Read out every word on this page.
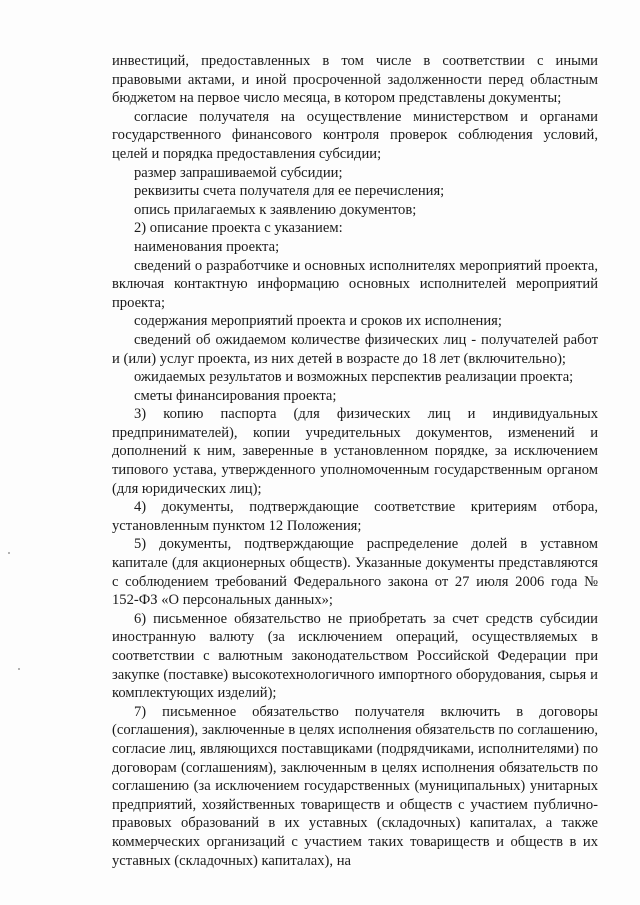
инвестиций, предоставленных в том числе в соответствии с иными правовыми актами, и иной просроченной задолженности перед областным бюджетом на первое число месяца, в котором представлены документы;

согласие получателя на осуществление министерством и органами государственного финансового контроля проверок соблюдения условий, целей и порядка предоставления субсидии;

размер запрашиваемой субсидии;

реквизиты счета получателя для ее перечисления;

опись прилагаемых к заявлению документов;

2) описание проекта с указанием:

наименования проекта;

сведений о разработчике и основных исполнителях мероприятий проекта, включая контактную информацию основных исполнителей мероприятий проекта;

содержания мероприятий проекта и сроков их исполнения;

сведений об ожидаемом количестве физических лиц - получателей работ и (или) услуг проекта, из них детей в возрасте до 18 лет (включительно);

ожидаемых результатов и возможных перспектив реализации проекта;

сметы финансирования проекта;

3) копию паспорта (для физических лиц и индивидуальных предпринимателей), копии учредительных документов, изменений и дополнений к ним, заверенные в установленном порядке, за исключением типового устава, утвержденного уполномоченным государственным органом (для юридических лиц);

4) документы, подтверждающие соответствие критериям отбора, установленным пунктом 12 Положения;

5) документы, подтверждающие распределение долей в уставном капитале (для акционерных обществ). Указанные документы представляются с соблюдением требований Федерального закона от 27 июля 2006 года № 152-ФЗ «О персональных данных»;

6) письменное обязательство не приобретать за счет средств субсидии иностранную валюту (за исключением операций, осуществляемых в соответствии с валютным законодательством Российской Федерации при закупке (поставке) высокотехнологичного импортного оборудования, сырья и комплектующих изделий);

7) письменное обязательство получателя включить в договоры (соглашения), заключенные в целях исполнения обязательств по соглашению, согласие лиц, являющихся поставщиками (подрядчиками, исполнителями) по договорам (соглашениям), заключенным в целях исполнения обязательств по соглашению (за исключением государственных (муниципальных) унитарных предприятий, хозяйственных товариществ и обществ с участием публично-правовых образований в их уставных (складочных) капиталах, а также коммерческих организаций с участием таких товариществ и обществ в их уставных (складочных) капиталах), на
